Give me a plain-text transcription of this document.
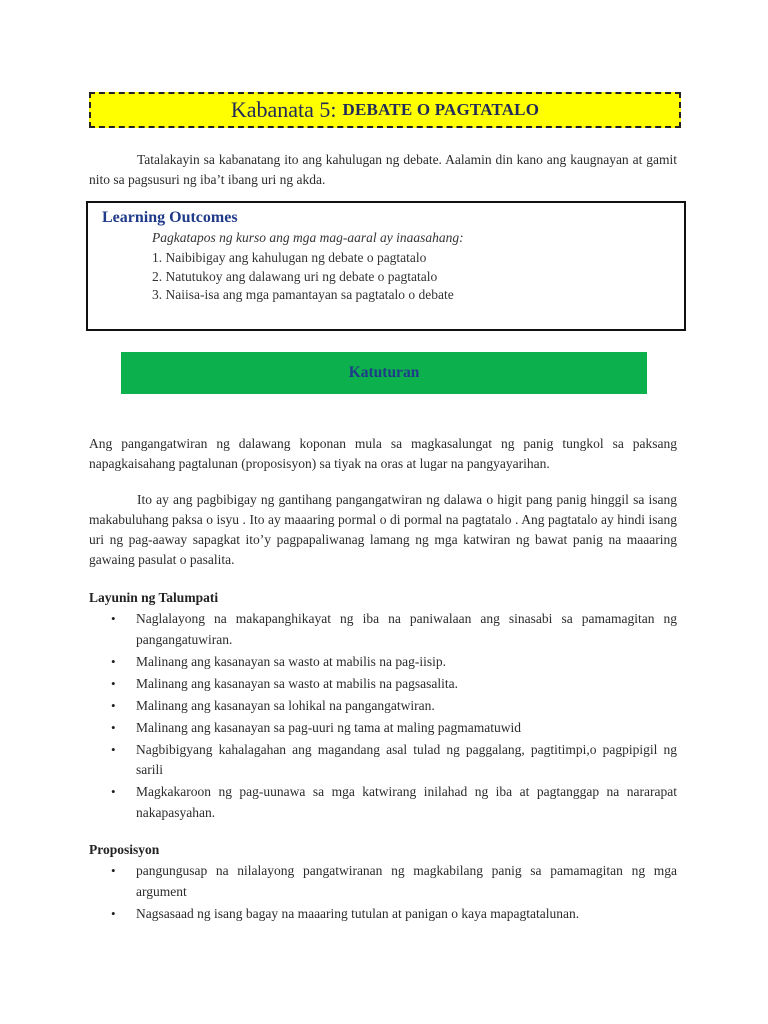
Kabanata 5: DEBATE O PAGTATALO

Tatalakayin sa kabanatang ito ang kahulugan ng debate. Aalamin din kano ang kaugnayan at gamit nito sa pagsusuri ng iba’t ibang uri ng akda.

Learning Outcomes
Pagkatapos ng kurso ang mga mag-aaral ay inaasahang:
1. Naibibigay ang kahulugan ng debate o pagtatalo
2. Natutukoy ang dalawang uri ng debate o pagtatalo
3. Naiisa-isa ang mga pamantayan sa pagtatalo o debate
Katuturan

Ang pangangatwiran ng dalawang koponan mula sa magkasalungat ng panig tungkol sa paksang napagkaisahang pagtalunan (proposisyon) sa tiyak na oras at lugar na pangyayarihan.

Ito ay ang pagbibigay ng gantihang pangangatwiran ng dalawa o higit pang panig hinggil sa isang makabuluhang paksa o isyu . Ito ay maaaring pormal o di pormal na pagtatalo . Ang pagtatalo ay hindi isang uri ng pag-aaway sapagkat ito’y pagpapaliwanag lamang ng mga katwiran ng bawat panig na maaaring gawaing pasulat o pasalita.

Layunin ng Talumpati
• Naglalayong na makapanghikayat ng iba na paniwalaan ang sinasabi sa pamamagitan ng pangangatuwiran.
• Malinang ang kasanayan sa wasto at mabilis na pag-iisip.
• Malinang ang kasanayan sa wasto at mabilis na pagsasalita.
• Malinang ang kasanayan sa lohikal na pangangatwiran.
• Malinang ang kasanayan sa pag-uuri ng tama at maling pagmamatuwid
• Nagbibigyang kahalagahan ang magandang asal tulad ng paggalang, pagtitimpi,o pagpipigil ng sarili
• Magkakaroon ng pag-uunawa sa mga katwirang inilahad ng iba at pagtanggap na nararapat nakapasyahan.
Proposisyon
• pangungusap na nilalayong pangatwiranan ng magkabilang panig sa pamamagitan ng mga argument
• Nagsasaad ng isang bagay na maaaring tutulan at panigan o kaya mapagtatalunan.
